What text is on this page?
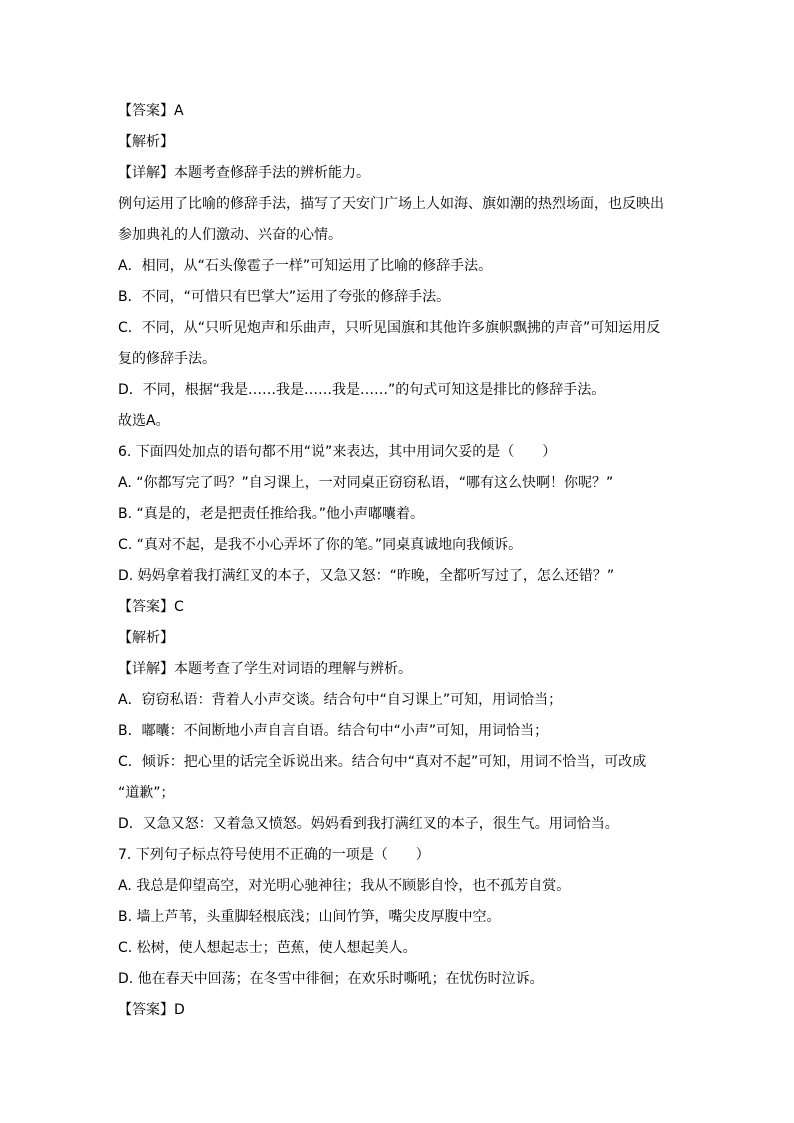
【答案】A
【解析】
【详解】本题考查修辞手法的辨析能力。
例句运用了比喻的修辞手法，描写了天安门广场上人如海、旗如潮的热烈场面，也反映出
参加典礼的人们激动、兴奋的心情。
A．相同，从“石头像雹子一样”可知运用了比喻的修辞手法。
B．不同，“可惜只有巴掌大”运用了夸张的修辞手法。
C．不同，从“只听见炮声和乐曲声，只听见国旗和其他许多旗帜飘拂的声音”可知运用反
复的修辞手法。
D．不同，根据“我是……我是……我是……”的句式可知这是排比的修辞手法。
故选A。
6. 下面四处加点的语句都不用“说”来表达，其中用词欠妥的是（　　）
A. “你都写完了吗？”自习课上，一对同桌正窃窃私语，“哪有这么快啊！你呢？”
B. “真是的，老是把责任推给我。”他小声嘟囔着。
C. “真对不起，是我不小心弄坏了你的笔。”同桌真诚地向我倾诉。
D. 妈妈拿着我打满红叉的本子，又急又怒：“昨晚，全都听写过了，怎么还错？”
【答案】C
【解析】
【详解】本题考查了学生对词语的理解与辨析。
A．窃窃私语：背着人小声交谈。结合句中“自习课上”可知，用词恰当；
B．嘟囔：不间断地小声自言自语。结合句中“小声”可知，用词恰当；
C．倾诉：把心里的话完全诉说出来。结合句中“真对不起”可知，用词不恰当，可改成
“道歉”；
D．又急又怒：又着急又愤怒。妈妈看到我打满红叉的本子，很生气。用词恰当。
7. 下列句子标点符号使用不正确的一项是（　　）
A. 我总是仰望高空，对光明心驰神往；我从不顾影自怜，也不孤芳自赏。
B. 墙上芦苇，头重脚轻根底浅；山间竹笋，嘴尖皮厚腹中空。
C. 松树，使人想起志士；芭蕉，使人想起美人。
D. 他在春天中回荡；在冬雪中徘徊；在欢乐时嘶吼；在忧伤时泣诉。
【答案】D
